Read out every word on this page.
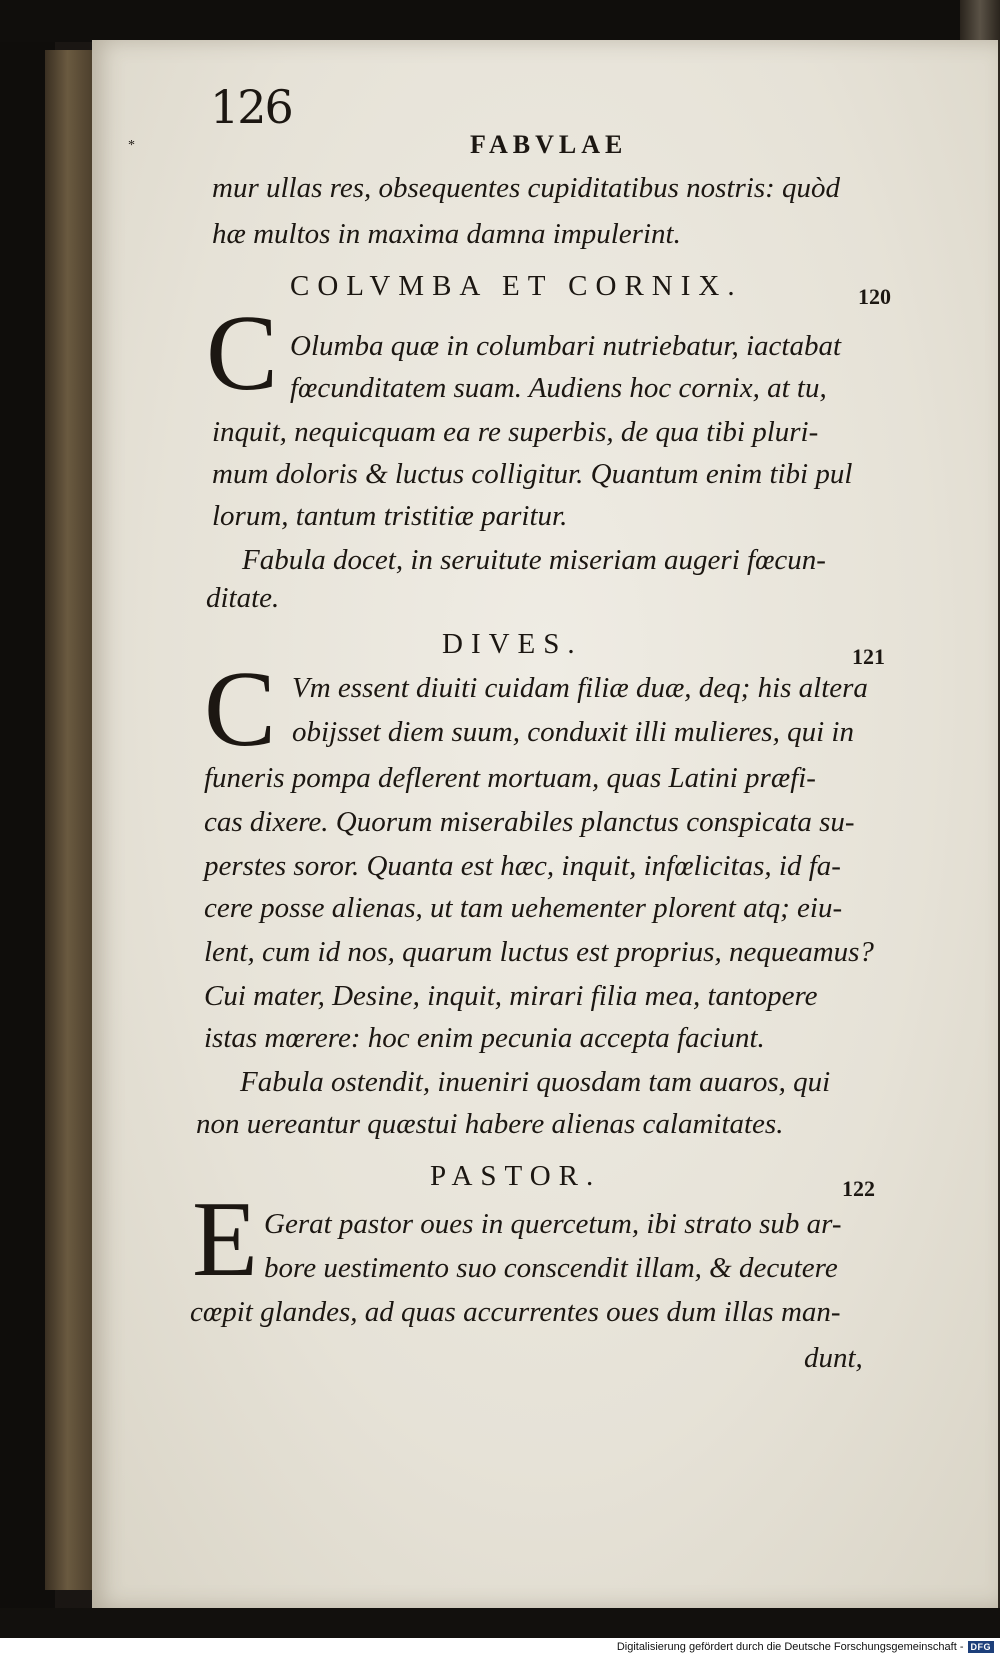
*
126
FABVLAE
mur ullas res, obsequentes cupiditatibus nostris: quòd
hæ multos in maxima damna impulerint.
COLVMBA ET CORNIX.	120
C Olumba quæ in columbari nutriebatur, iactabat
fœcunditatem suam. Audiens hoc cornix, at tu,
inquit, nequicquam ea re superbis, de qua tibi pluri-
mum doloris & luctus colligitur. Quantum enim tibi pul
lorum, tantum tristitiæ paritur.
Fabula docet, in seruitute miseriam augeri fœcun-
ditate.
DIVES.	121
C Vm essent diuiti cuidam filiæ duæ, deq; his altera
obijsset diem suum, conduxit illi mulieres, qui in
funeris pompa deflerent mortuam, quas Latini præfi-
cas dixere. Quorum miserabiles planctus conspicata su-
perstes soror. Quanta est hæc, inquit, infœlicitas, id fa-
cere posse alienas, ut tam uehementer plorent atq; eiu-
lent, cum id nos, quarum luctus est proprius, nequeamus?
Cui mater, Desine, inquit, mirari filia mea, tantopere
istas mœrere: hoc enim pecunia accepta faciunt.
Fabula ostendit, inueniri quosdam tam auaros, qui
non uereantur quæstui habere alienas calamitates.
PASTOR.	122
E Gerat pastor oues in quercetum, ibi strato sub ar-
bore uestimento suo conscendit illam, & decutere
cœpit glandes, ad quas accurrentes oues dum illas man-
dunt,
Digitalisierung gefördert durch die Deutsche Forschungsgemeinschaft - DFG
